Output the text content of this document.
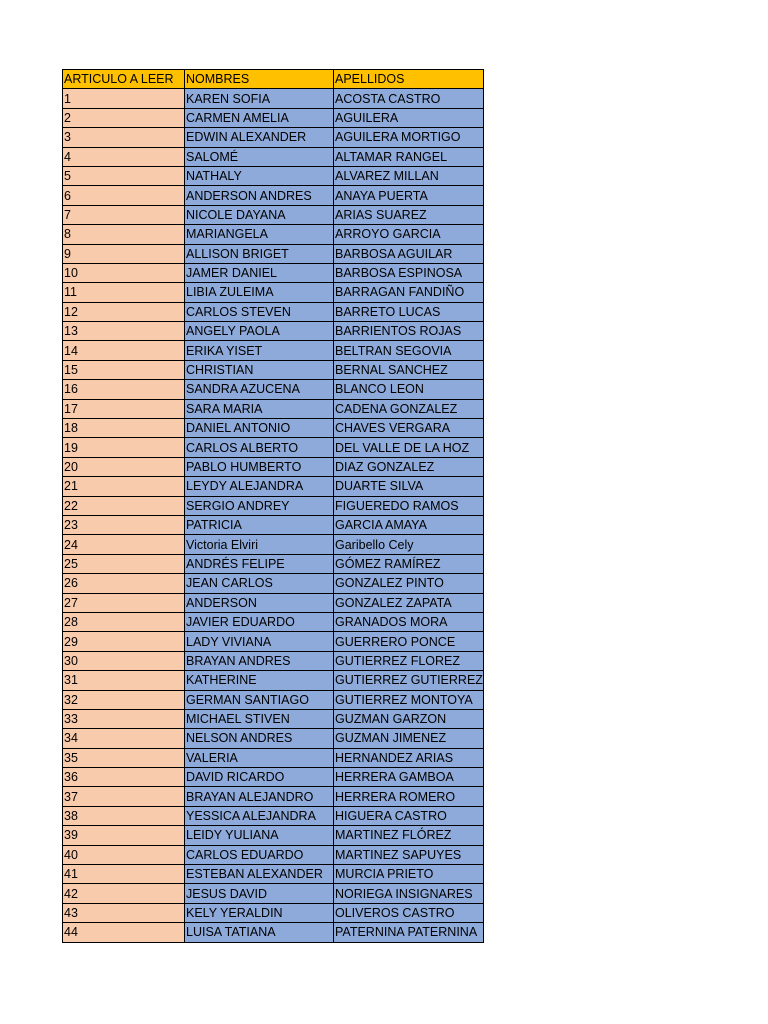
ARTICULO A LEER	NOMBRES	APELLIDOS
1	KAREN SOFIA	ACOSTA CASTRO
2	CARMEN AMELIA	AGUILERA
3	EDWIN ALEXANDER	AGUILERA MORTIGO
4	SALOMÉ	ALTAMAR RANGEL
5	NATHALY	ALVAREZ MILLAN
6	ANDERSON ANDRES	ANAYA PUERTA
7	NICOLE DAYANA	ARIAS SUAREZ
8	MARIANGELA	ARROYO GARCIA
9	ALLISON BRIGET	BARBOSA AGUILAR
10	JAMER DANIEL	BARBOSA ESPINOSA
11	LIBIA ZULEIMA	BARRAGAN FANDIÑO
12	CARLOS STEVEN	BARRETO LUCAS
13	ANGELY PAOLA	BARRIENTOS ROJAS
14	ERIKA YISET	BELTRAN SEGOVIA
15	CHRISTIAN	BERNAL SANCHEZ
16	SANDRA AZUCENA	BLANCO LEON
17	SARA MARIA	CADENA GONZALEZ
18	DANIEL ANTONIO	CHAVES VERGARA
19	CARLOS ALBERTO	DEL VALLE DE LA HOZ
20	PABLO HUMBERTO	DIAZ GONZALEZ
21	LEYDY ALEJANDRA	DUARTE SILVA
22	SERGIO ANDREY	FIGUEREDO RAMOS
23	PATRICIA	GARCIA AMAYA
24	Victoria Elviri	Garibello Cely
25	ANDRÉS FELIPE	GÓMEZ RAMÍREZ
26	JEAN CARLOS	GONZALEZ PINTO
27	ANDERSON	GONZALEZ ZAPATA
28	JAVIER EDUARDO	GRANADOS MORA
29	LADY VIVIANA	GUERRERO PONCE
30	BRAYAN ANDRES	GUTIERREZ FLOREZ
31	KATHERINE	GUTIERREZ GUTIERREZ
32	GERMAN SANTIAGO	GUTIERREZ MONTOYA
33	MICHAEL STIVEN	GUZMAN GARZON
34	NELSON ANDRES	GUZMAN JIMENEZ
35	VALERIA	HERNANDEZ ARIAS
36	DAVID RICARDO	HERRERA GAMBOA
37	BRAYAN ALEJANDRO	HERRERA ROMERO
38	YESSICA ALEJANDRA	HIGUERA CASTRO
39	LEIDY YULIANA	MARTINEZ FLÓREZ
40	CARLOS EDUARDO	MARTINEZ SAPUYES
41	ESTEBAN ALEXANDER	MURCIA PRIETO
42	JESUS DAVID	NORIEGA INSIGNARES
43	KELY YERALDIN	OLIVEROS CASTRO
44	LUISA TATIANA	PATERNINA PATERNINA
